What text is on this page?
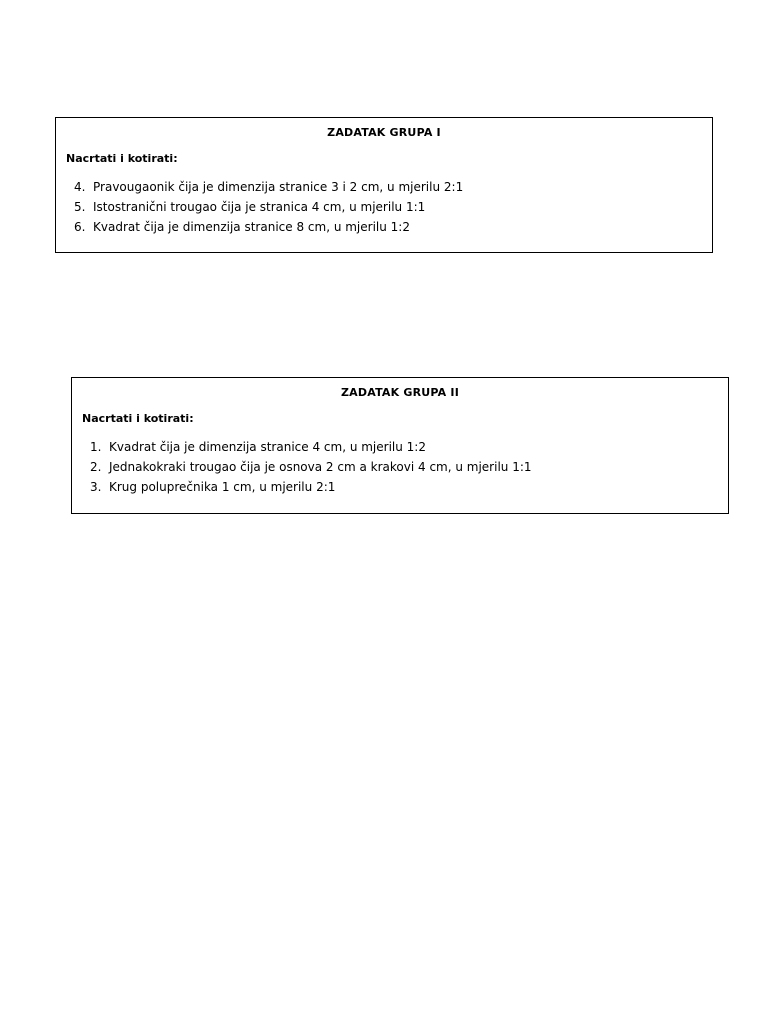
ZADATAK GRUPA I
Nacrtati i kotirati:
4. Pravougaonik čija je dimenzija stranice 3 i 2 cm, u mjerilu 2:1
5. Istostranični trougao čija je stranica 4 cm, u mjerilu 1:1
6. Kvadrat čija je dimenzija stranice 8 cm, u mjerilu 1:2
ZADATAK GRUPA II
Nacrtati i kotirati:
1. Kvadrat čija je dimenzija stranice 4 cm, u mjerilu 1:2
2. Jednakokraki trougao čija je osnova 2 cm a krakovi 4 cm, u mjerilu 1:1
3. Krug poluprečnika 1 cm, u mjerilu 2:1
